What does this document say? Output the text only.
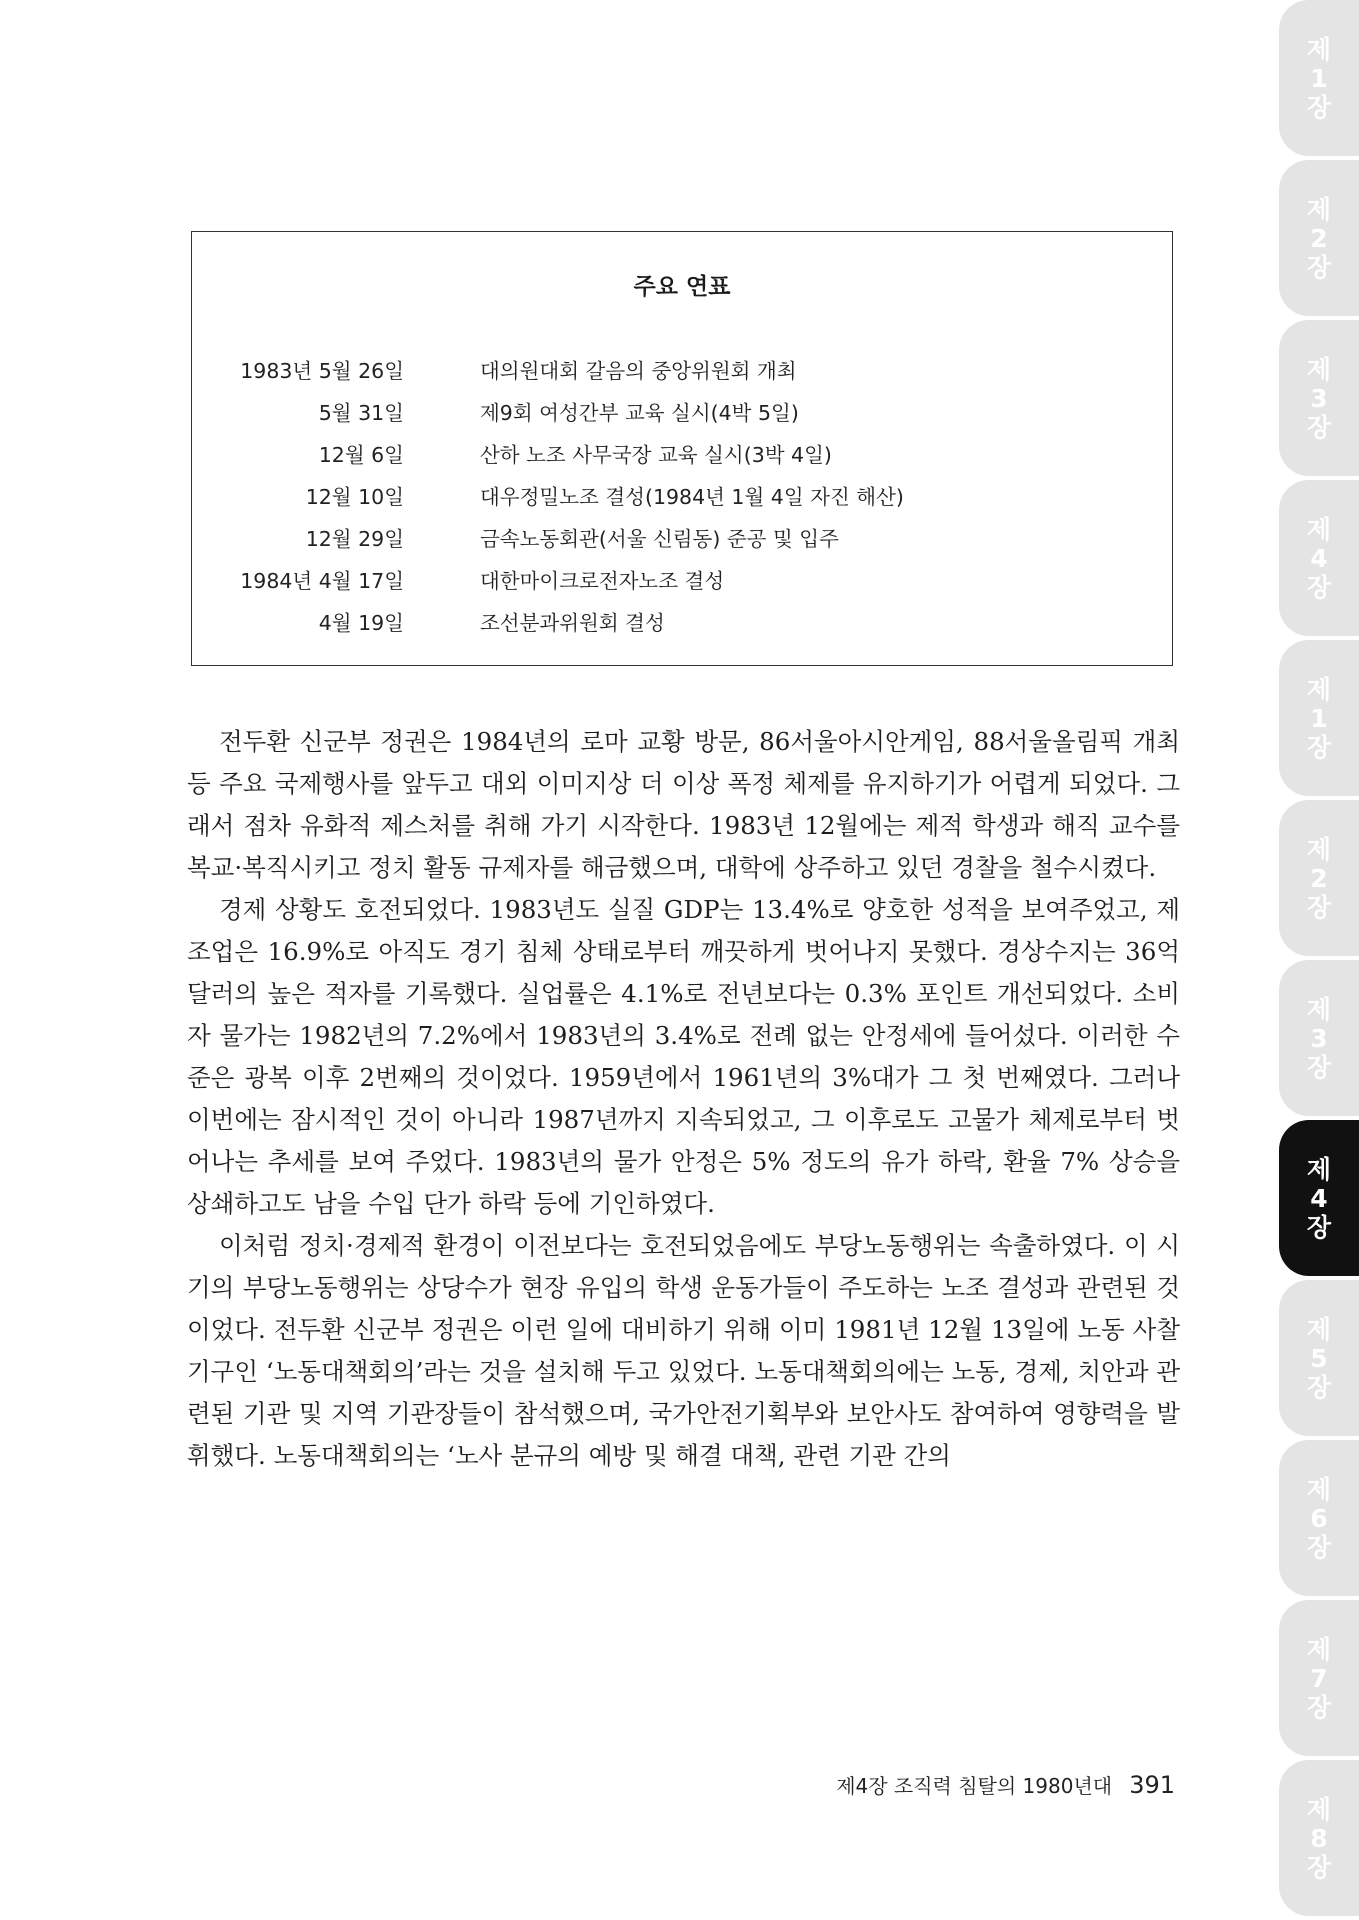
주요 연표
1983년 5월 26일	대의원대회 갈음의 중앙위원회 개최
5월 31일	제9회 여성간부 교육 실시(4박 5일)
12월 6일	산하 노조 사무국장 교육 실시(3박 4일)
12월 10일	대우정밀노조 결성(1984년 1월 4일 자진 해산)
12월 29일	금속노동회관(서울 신림동) 준공 및 입주
1984년 4월 17일	대한마이크로전자노조 결성
4월 19일	조선분과위원회 결성

전두환 신군부 정권은 1984년의 로마 교황 방문, 86서울아시안게임, 88서울올림픽 개최 등 주요 국제행사를 앞두고 대외 이미지상 더 이상 폭정 체제를 유지하기가 어렵게 되었다. 그래서 점차 유화적 제스처를 취해 가기 시작한다. 1983년 12월에는 제적 학생과 해직 교수를 복교·복직시키고 정치 활동 규제자를 해금했으며, 대학에 상주하고 있던 경찰을 철수시켰다.

경제 상황도 호전되었다. 1983년도 실질 GDP는 13.4%로 양호한 성적을 보여주었고, 제조업은 16.9%로 아직도 경기 침체 상태로부터 깨끗하게 벗어나지 못했다. 경상수지는 36억 달러의 높은 적자를 기록했다. 실업률은 4.1%로 전년보다는 0.3% 포인트 개선되었다. 소비자 물가는 1982년의 7.2%에서 1983년의 3.4%로 전례 없는 안정세에 들어섰다. 이러한 수준은 광복 이후 2번째의 것이었다. 1959년에서 1961년의 3%대가 그 첫 번째였다. 그러나 이번에는 잠시적인 것이 아니라 1987년까지 지속되었고, 그 이후로도 고물가 체제로부터 벗어나는 추세를 보여 주었다. 1983년의 물가 안정은 5% 정도의 유가 하락, 환율 7% 상승을 상쇄하고도 남을 수입 단가 하락 등에 기인하였다.

이처럼 정치·경제적 환경이 이전보다는 호전되었음에도 부당노동행위는 속출하였다. 이 시기의 부당노동행위는 상당수가 현장 유입의 학생 운동가들이 주도하는 노조 결성과 관련된 것이었다. 전두환 신군부 정권은 이런 일에 대비하기 위해 이미 1981년 12월 13일에 노동 사찰 기구인 ‘노동대책회의’라는 것을 설치해 두고 있었다. 노동대책회의에는 노동, 경제, 치안과 관련된 기관 및 지역 기관장들이 참석했으며, 국가안전기획부와 보안사도 참여하여 영향력을 발휘했다. 노동대책회의는 ‘노사 분규의 예방 및 해결 대책, 관련 기관 간의

제4장 조직력 침탈의 1980년대 391
제
1
장
제
2
장
제
3
장
제
4
장
제
1
장
제
2
장
제
3
장
제
4
장
제
5
장
제
6
장
제
7
장
제
8
장
